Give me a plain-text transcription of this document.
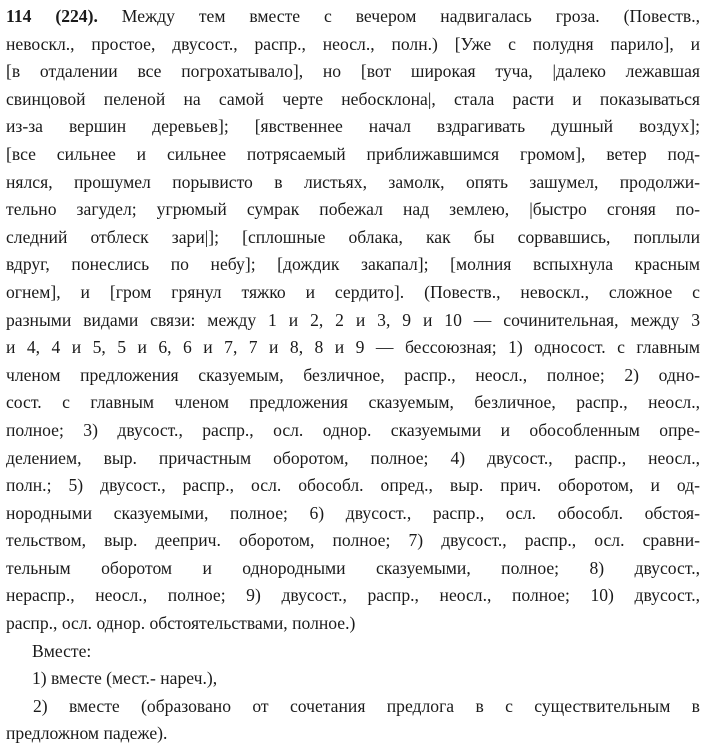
114 (224). Между тем вместе с вечером надвигалась гроза. (Повеств.,
невоскл., простое, двусост., распр., неосл., полн.) [Уже с полудня парило], и
[в отдалении все погрохатывало], но [вот широкая туча, |далеко лежавшая
свинцовой пеленой на самой черте небосклона|, стала расти и показываться
из-за вершин деревьев]; [явственнее начал вздрагивать душный воздух];
[все сильнее и сильнее потрясаемый приближавшимся громом], ветер под-
нялся, прошумел порывисто в листьях, замолк, опять зашумел, продолжи-
тельно загудел; угрюмый сумрак побежал над землею, |быстро сгоняя по-
следний отблеск зари|]; [сплошные облака, как бы сорвавшись, поплыли
вдруг, понеслись по небу]; [дождик закапал]; [молния вспыхнула красным
огнем], и [гром грянул тяжко и сердито]. (Повеств., невоскл., сложное с
разными видами связи: между 1 и 2, 2 и 3, 9 и 10 — сочинительная, между 3
и 4, 4 и 5, 5 и 6, 6 и 7, 7 и 8, 8 и 9 — бессоюзная; 1) односост. с главным
членом предложения сказуемым, безличное, распр., неосл., полное; 2) одно-
сост. с главным членом предложения сказуемым, безличное, распр., неосл.,
полное; 3) двусост., распр., осл. однор. сказуемыми и обособленным опре-
делением, выр. причастным оборотом, полное; 4) двусост., распр., неосл.,
полн.; 5) двусост., распр., осл. обособл. опред., выр. прич. оборотом, и од-
нородными сказуемыми, полное; 6) двусост., распр., осл. обособл. обстоя-
тельством, выр. дееприч. оборотом, полное; 7) двусост., распр., осл. сравни-
тельным оборотом и однородными сказуемыми, полное; 8) двусост.,
нераспр., неосл., полное; 9) двусост., распр., неосл., полное; 10) двусост.,
распр., осл. однор. обстоятельствами, полное.)
Вместе:
1) вместе (мест.- нареч.),
2) вместе (образовано от сочетания предлога в с существительным в
предложном падеже).
